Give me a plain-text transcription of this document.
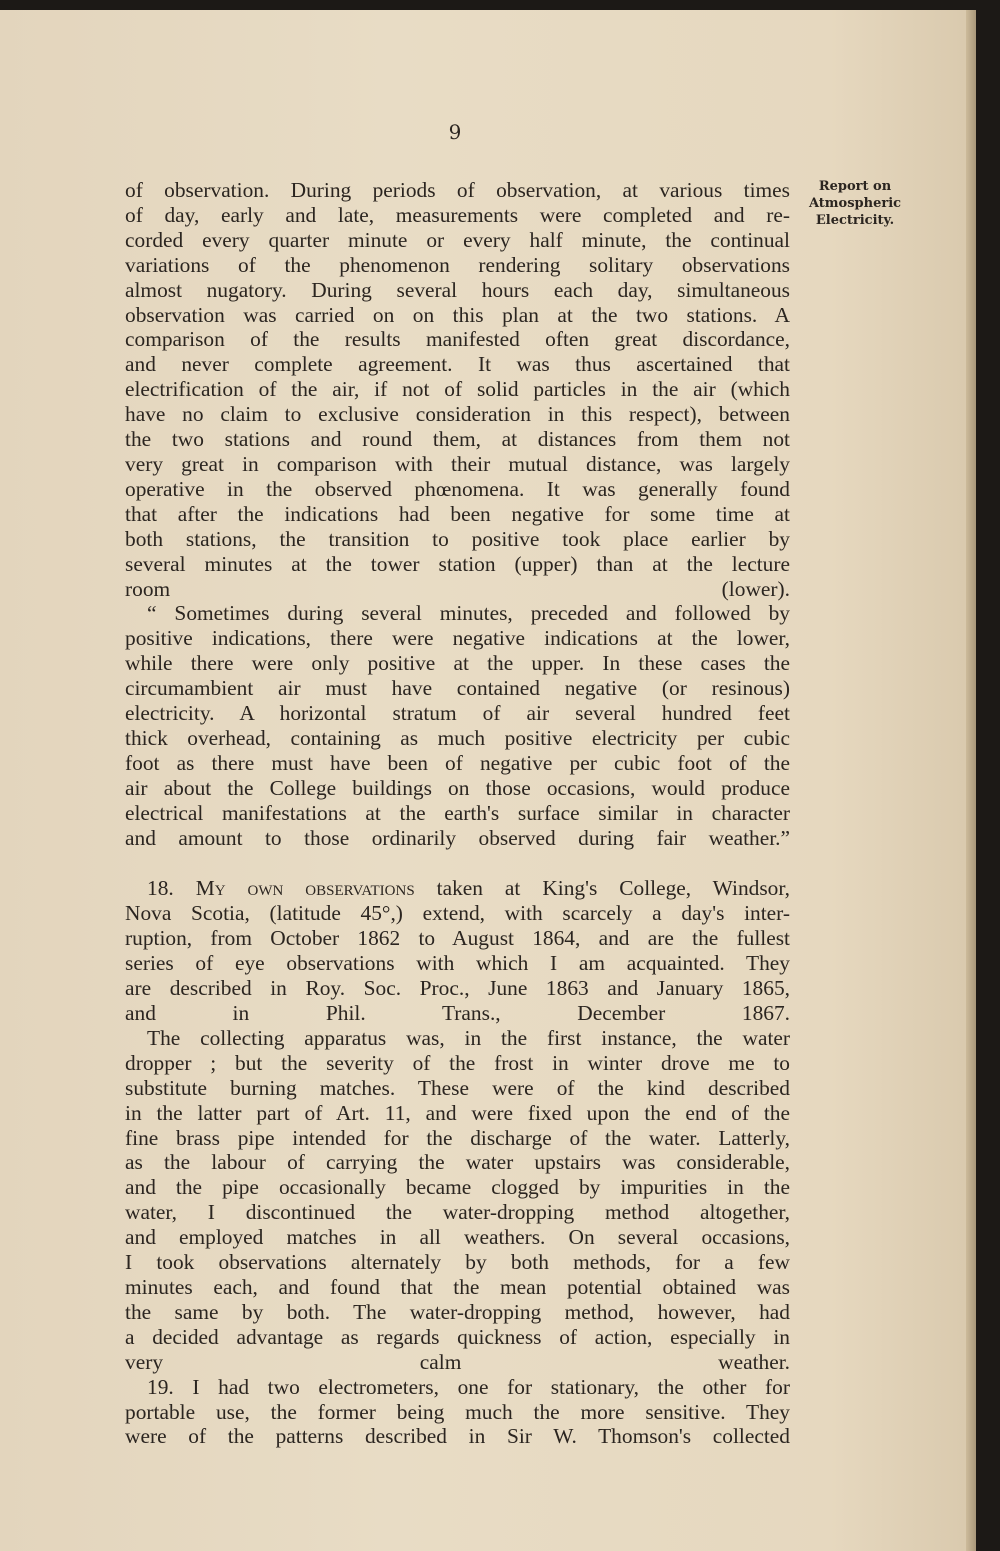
9
Report on
Atmospheric
Electricity.

of observation. During periods of observation, at various times
of day, early and late, measurements were completed and re-
corded every quarter minute or every half minute, the continual
variations of the phenomenon rendering solitary observations
almost nugatory. During several hours each day, simultaneous
observation was carried on on this plan at the two stations. A
comparison of the results manifested often great discordance,
and never complete agreement. It was thus ascertained that
electrification of the air, if not of solid particles in the air (which
have no claim to exclusive consideration in this respect), between
the two stations and round them, at distances from them not
very great in comparison with their mutual distance, was largely
operative in the observed phœnomena. It was generally found
that after the indications had been negative for some time at
both stations, the transition to positive took place earlier by
several minutes at the tower station (upper) than at the lecture
room (lower).
“ Sometimes during several minutes, preceded and followed by
positive indications, there were negative indications at the lower,
while there were only positive at the upper. In these cases the
circumambient air must have contained negative (or resinous)
electricity. A horizontal stratum of air several hundred feet
thick overhead, containing as much positive electricity per cubic
foot as there must have been of negative per cubic foot of the
air about the College buildings on those occasions, would produce
electrical manifestations at the earth's surface similar in character
and amount to those ordinarily observed during fair weather.”
18. My own observations taken at King's College, Windsor,
Nova Scotia, (latitude 45°,) extend, with scarcely a day's inter-
ruption, from October 1862 to August 1864, and are the fullest
series of eye observations with which I am acquainted. They
are described in Roy. Soc. Proc., June 1863 and January 1865,
and in Phil. Trans., December 1867.
The collecting apparatus was, in the first instance, the water
dropper ; but the severity of the frost in winter drove me to
substitute burning matches. These were of the kind described
in the latter part of Art. 11, and were fixed upon the end of the
fine brass pipe intended for the discharge of the water. Latterly,
as the labour of carrying the water upstairs was considerable,
and the pipe occasionally became clogged by impurities in the
water, I discontinued the water-dropping method altogether,
and employed matches in all weathers. On several occasions,
I took observations alternately by both methods, for a few
minutes each, and found that the mean potential obtained was
the same by both. The water-dropping method, however, had
a decided advantage as regards quickness of action, especially in
very calm weather.
19. I had two electrometers, one for stationary, the other for
portable use, the former being much the more sensitive. They
were of the patterns described in Sir W. Thomson's collected
